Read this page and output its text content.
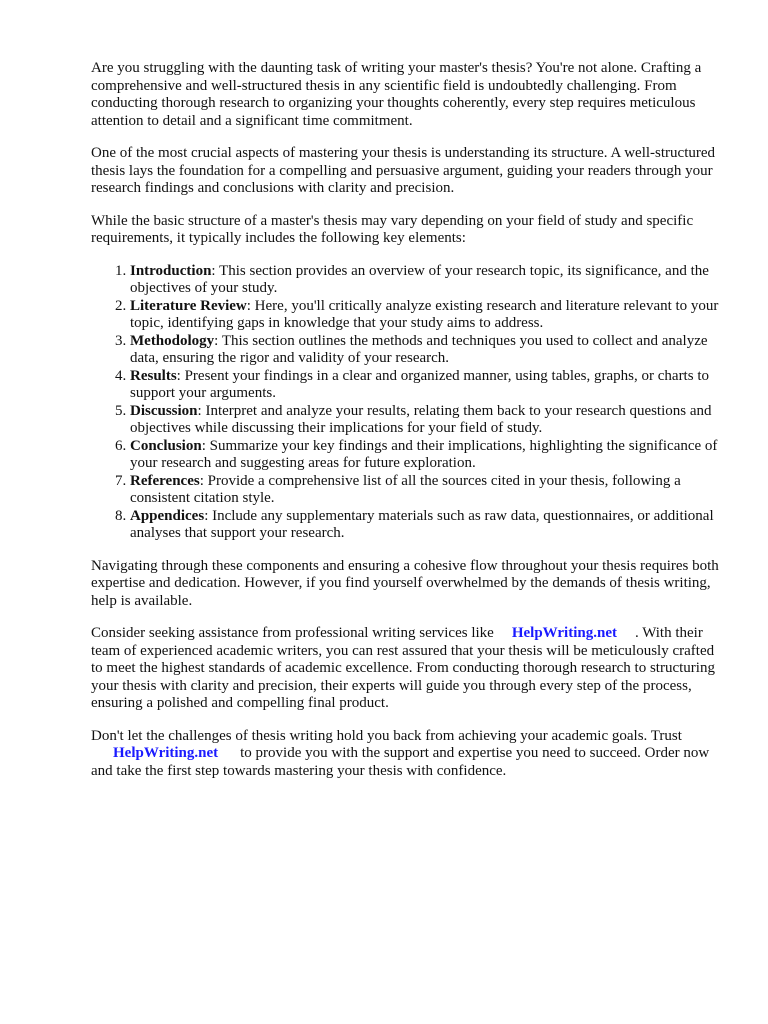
Are you struggling with the daunting task of writing your master's thesis? You're not alone. Crafting a comprehensive and well-structured thesis in any scientific field is undoubtedly challenging. From conducting thorough research to organizing your thoughts coherently, every step requires meticulous attention to detail and a significant time commitment.

One of the most crucial aspects of mastering your thesis is understanding its structure. A well-structured thesis lays the foundation for a compelling and persuasive argument, guiding your readers through your research findings and conclusions with clarity and precision.

While the basic structure of a master's thesis may vary depending on your field of study and specific requirements, it typically includes the following key elements:

1. Introduction: This section provides an overview of your research topic, its significance, and the objectives of your study.
2. Literature Review: Here, you'll critically analyze existing research and literature relevant to your topic, identifying gaps in knowledge that your study aims to address.
3. Methodology: This section outlines the methods and techniques you used to collect and analyze data, ensuring the rigor and validity of your research.
4. Results: Present your findings in a clear and organized manner, using tables, graphs, or charts to support your arguments.
5. Discussion: Interpret and analyze your results, relating them back to your research questions and objectives while discussing their implications for your field of study.
6. Conclusion: Summarize your key findings and their implications, highlighting the significance of your research and suggesting areas for future exploration.
7. References: Provide a comprehensive list of all the sources cited in your thesis, following a consistent citation style.
8. Appendices: Include any supplementary materials such as raw data, questionnaires, or additional analyses that support your research.

Navigating through these components and ensuring a cohesive flow throughout your thesis requires both expertise and dedication. However, if you find yourself overwhelmed by the demands of thesis writing, help is available.

Consider seeking assistance from professional writing services like HelpWriting.net . With their team of experienced academic writers, you can rest assured that your thesis will be meticulously crafted to meet the highest standards of academic excellence. From conducting thorough research to structuring your thesis with clarity and precision, their experts will guide you through every step of the process, ensuring a polished and compelling final product.

Don't let the challenges of thesis writing hold you back from achieving your academic goals. Trust HelpWriting.net to provide you with the support and expertise you need to succeed. Order now and take the first step towards mastering your thesis with confidence.
